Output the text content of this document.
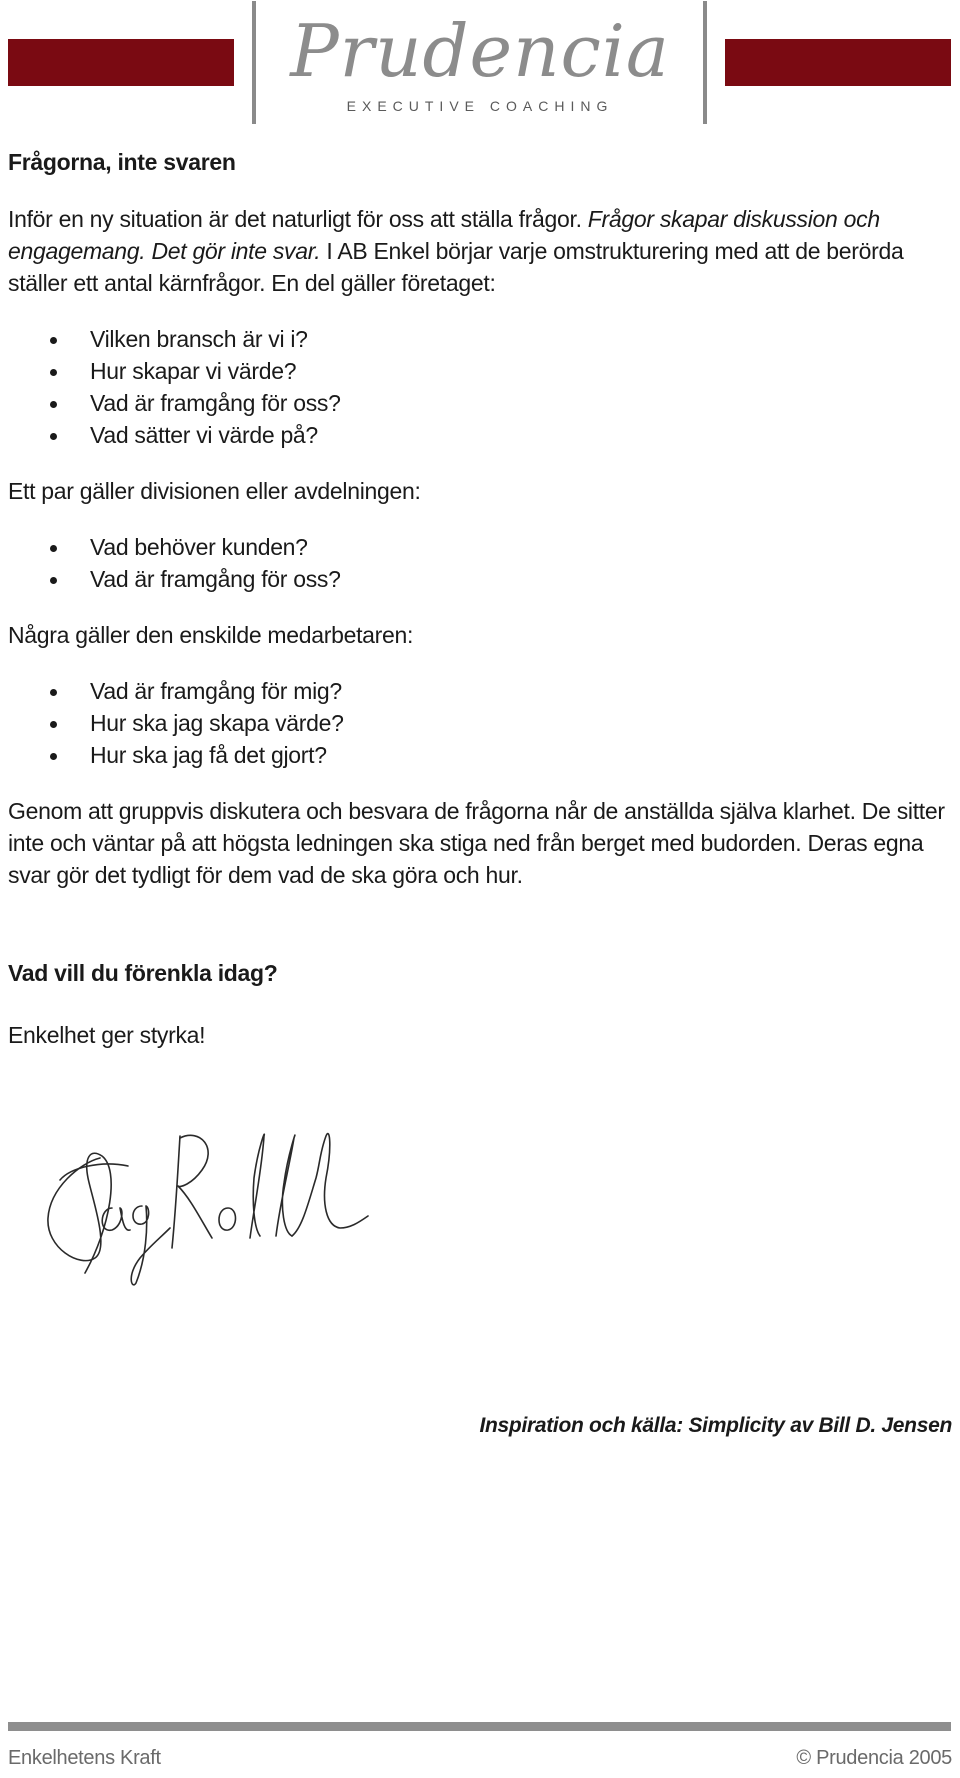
Prudencia
EXECUTIVE COACHING
Frågorna, inte svaren

Inför en ny situation är det naturligt för oss att ställa frågor. Frågor skapar diskussion och engagemang. Det gör inte svar. I AB Enkel börjar varje omstrukturering med att de berörda ställer ett antal kärnfrågor. En del gäller företaget:

Vilken bransch är vi i?
Hur skapar vi värde?
Vad är framgång för oss?
Vad sätter vi värde på?

Ett par gäller divisionen eller avdelningen:

Vad behöver kunden?
Vad är framgång för oss?

Några gäller den enskilde medarbetaren:

Vad är framgång för mig?
Hur ska jag skapa värde?
Hur ska jag få det gjort?

Genom att gruppvis diskutera och besvara de frågorna når de anställda själva klarhet. De sitter inte och väntar på att högsta ledningen ska stiga ned från berget med budorden. Deras egna svar gör det tydligt för dem vad de ska göra och hur.

Vad vill du förenkla idag?

Enkelhet ger styrka!

Inspiration och källa: Simplicity av Bill D. Jensen
Enkelhetens Kraft	© Prudencia 2005
